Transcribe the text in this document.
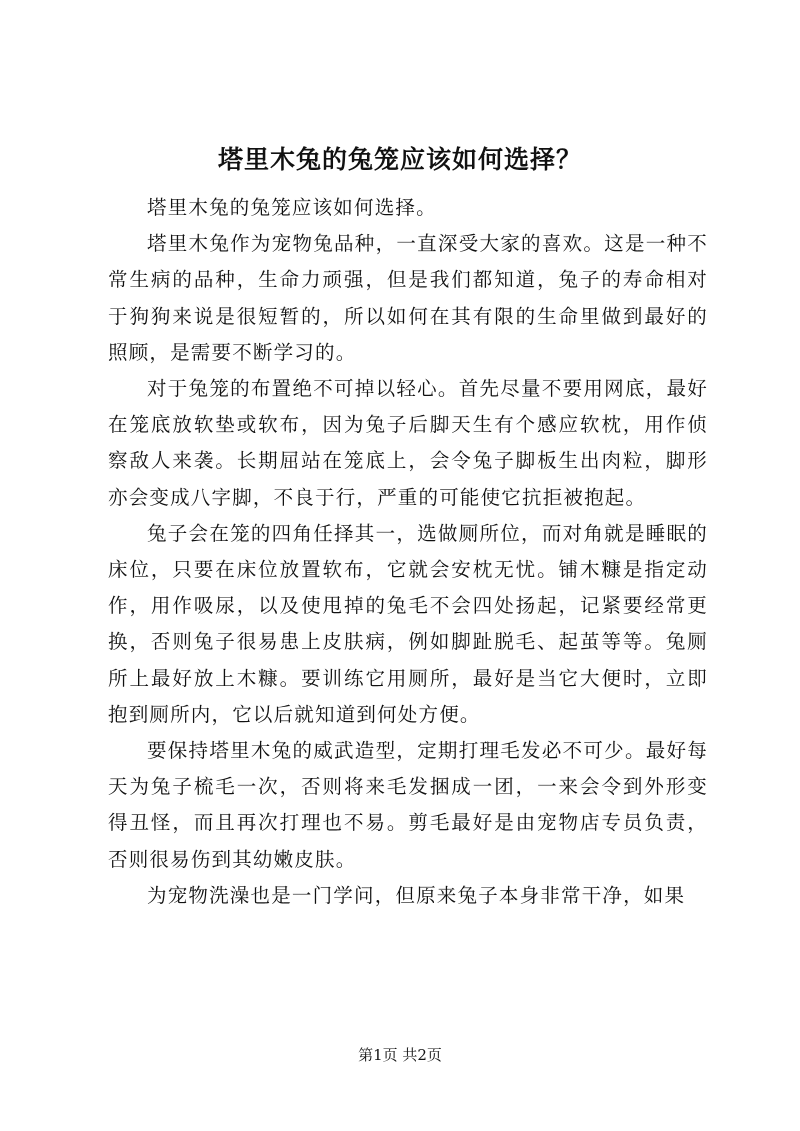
塔里木兔的兔笼应该如何选择？

塔里木兔的兔笼应该如何选择。

塔里木兔作为宠物兔品种，一直深受大家的喜欢。这是一种不常生病的品种，生命力顽强，但是我们都知道，兔子的寿命相对于狗狗来说是很短暂的，所以如何在其有限的生命里做到最好的照顾，是需要不断学习的。

对于兔笼的布置绝不可掉以轻心。首先尽量不要用网底，最好在笼底放软垫或软布，因为兔子后脚天生有个感应软枕，用作侦察敌人来袭。长期屈站在笼底上，会令兔子脚板生出肉粒，脚形亦会变成八字脚，不良于行，严重的可能使它抗拒被抱起。

兔子会在笼的四角任择其一，选做厕所位，而对角就是睡眠的床位，只要在床位放置软布，它就会安枕无忧。铺木糠是指定动作，用作吸尿，以及使甩掉的兔毛不会四处扬起，记紧要经常更换，否则兔子很易患上皮肤病，例如脚趾脱毛、起茧等等。兔厕所上最好放上木糠。要训练它用厕所，最好是当它大便时，立即抱到厕所内，它以后就知道到何处方便。

要保持塔里木兔的威武造型，定期打理毛发必不可少。最好每天为兔子梳毛一次，否则将来毛发捆成一团，一来会令到外形变得丑怪，而且再次打理也不易。剪毛最好是由宠物店专员负责，否则很易伤到其幼嫩皮肤。

为宠物洗澡也是一门学问，但原来兔子本身非常干净，如果

第1页 共2页
